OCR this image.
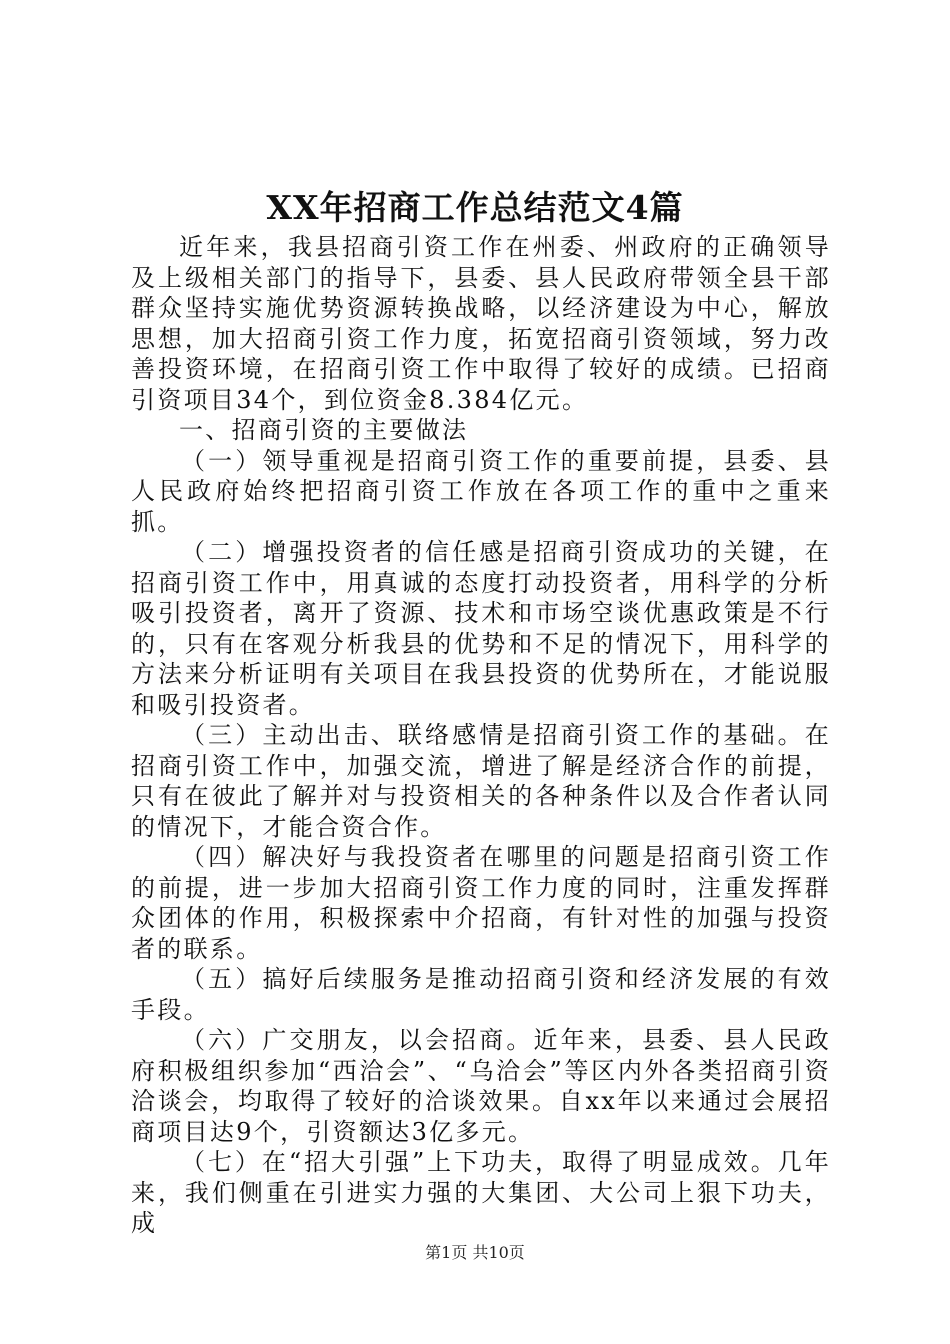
XX年招商工作总结范文4篇

近年来，我县招商引资工作在州委、州政府的正确领导及上级相关部门的指导下，县委、县人民政府带领全县干部群众坚持实施优势资源转换战略，以经济建设为中心，解放思想，加大招商引资工作力度，拓宽招商引资领域，努力改善投资环境，在招商引资工作中取得了较好的成绩。已招商引资项目34个，到位资金8.384亿元。

一、招商引资的主要做法

（一）领导重视是招商引资工作的重要前提，县委、县人民政府始终把招商引资工作放在各项工作的重中之重来抓。

（二）增强投资者的信任感是招商引资成功的关键，在招商引资工作中，用真诚的态度打动投资者，用科学的分析吸引投资者，离开了资源、技术和市场空谈优惠政策是不行的，只有在客观分析我县的优势和不足的情况下，用科学的方法来分析证明有关项目在我县投资的优势所在，才能说服和吸引投资者。

（三）主动出击、联络感情是招商引资工作的基础。在招商引资工作中，加强交流，增进了解是经济合作的前提，只有在彼此了解并对与投资相关的各种条件以及合作者认同的情况下，才能合资合作。

（四）解决好与我投资者在哪里的问题是招商引资工作的前提，进一步加大招商引资工作力度的同时，注重发挥群众团体的作用，积极探索中介招商，有针对性的加强与投资者的联系。

（五）搞好后续服务是推动招商引资和经济发展的有效手段。

（六）广交朋友，以会招商。近年来，县委、县人民政府积极组织参加“西洽会”、“乌洽会”等区内外各类招商引资洽谈会，均取得了较好的洽谈效果。自xx年以来通过会展招商项目达9个，引资额达3亿多元。

（七）在“招大引强”上下功夫，取得了明显成效。几年来，我们侧重在引进实力强的大集团、大公司上狠下功夫，成

第1页 共10页
